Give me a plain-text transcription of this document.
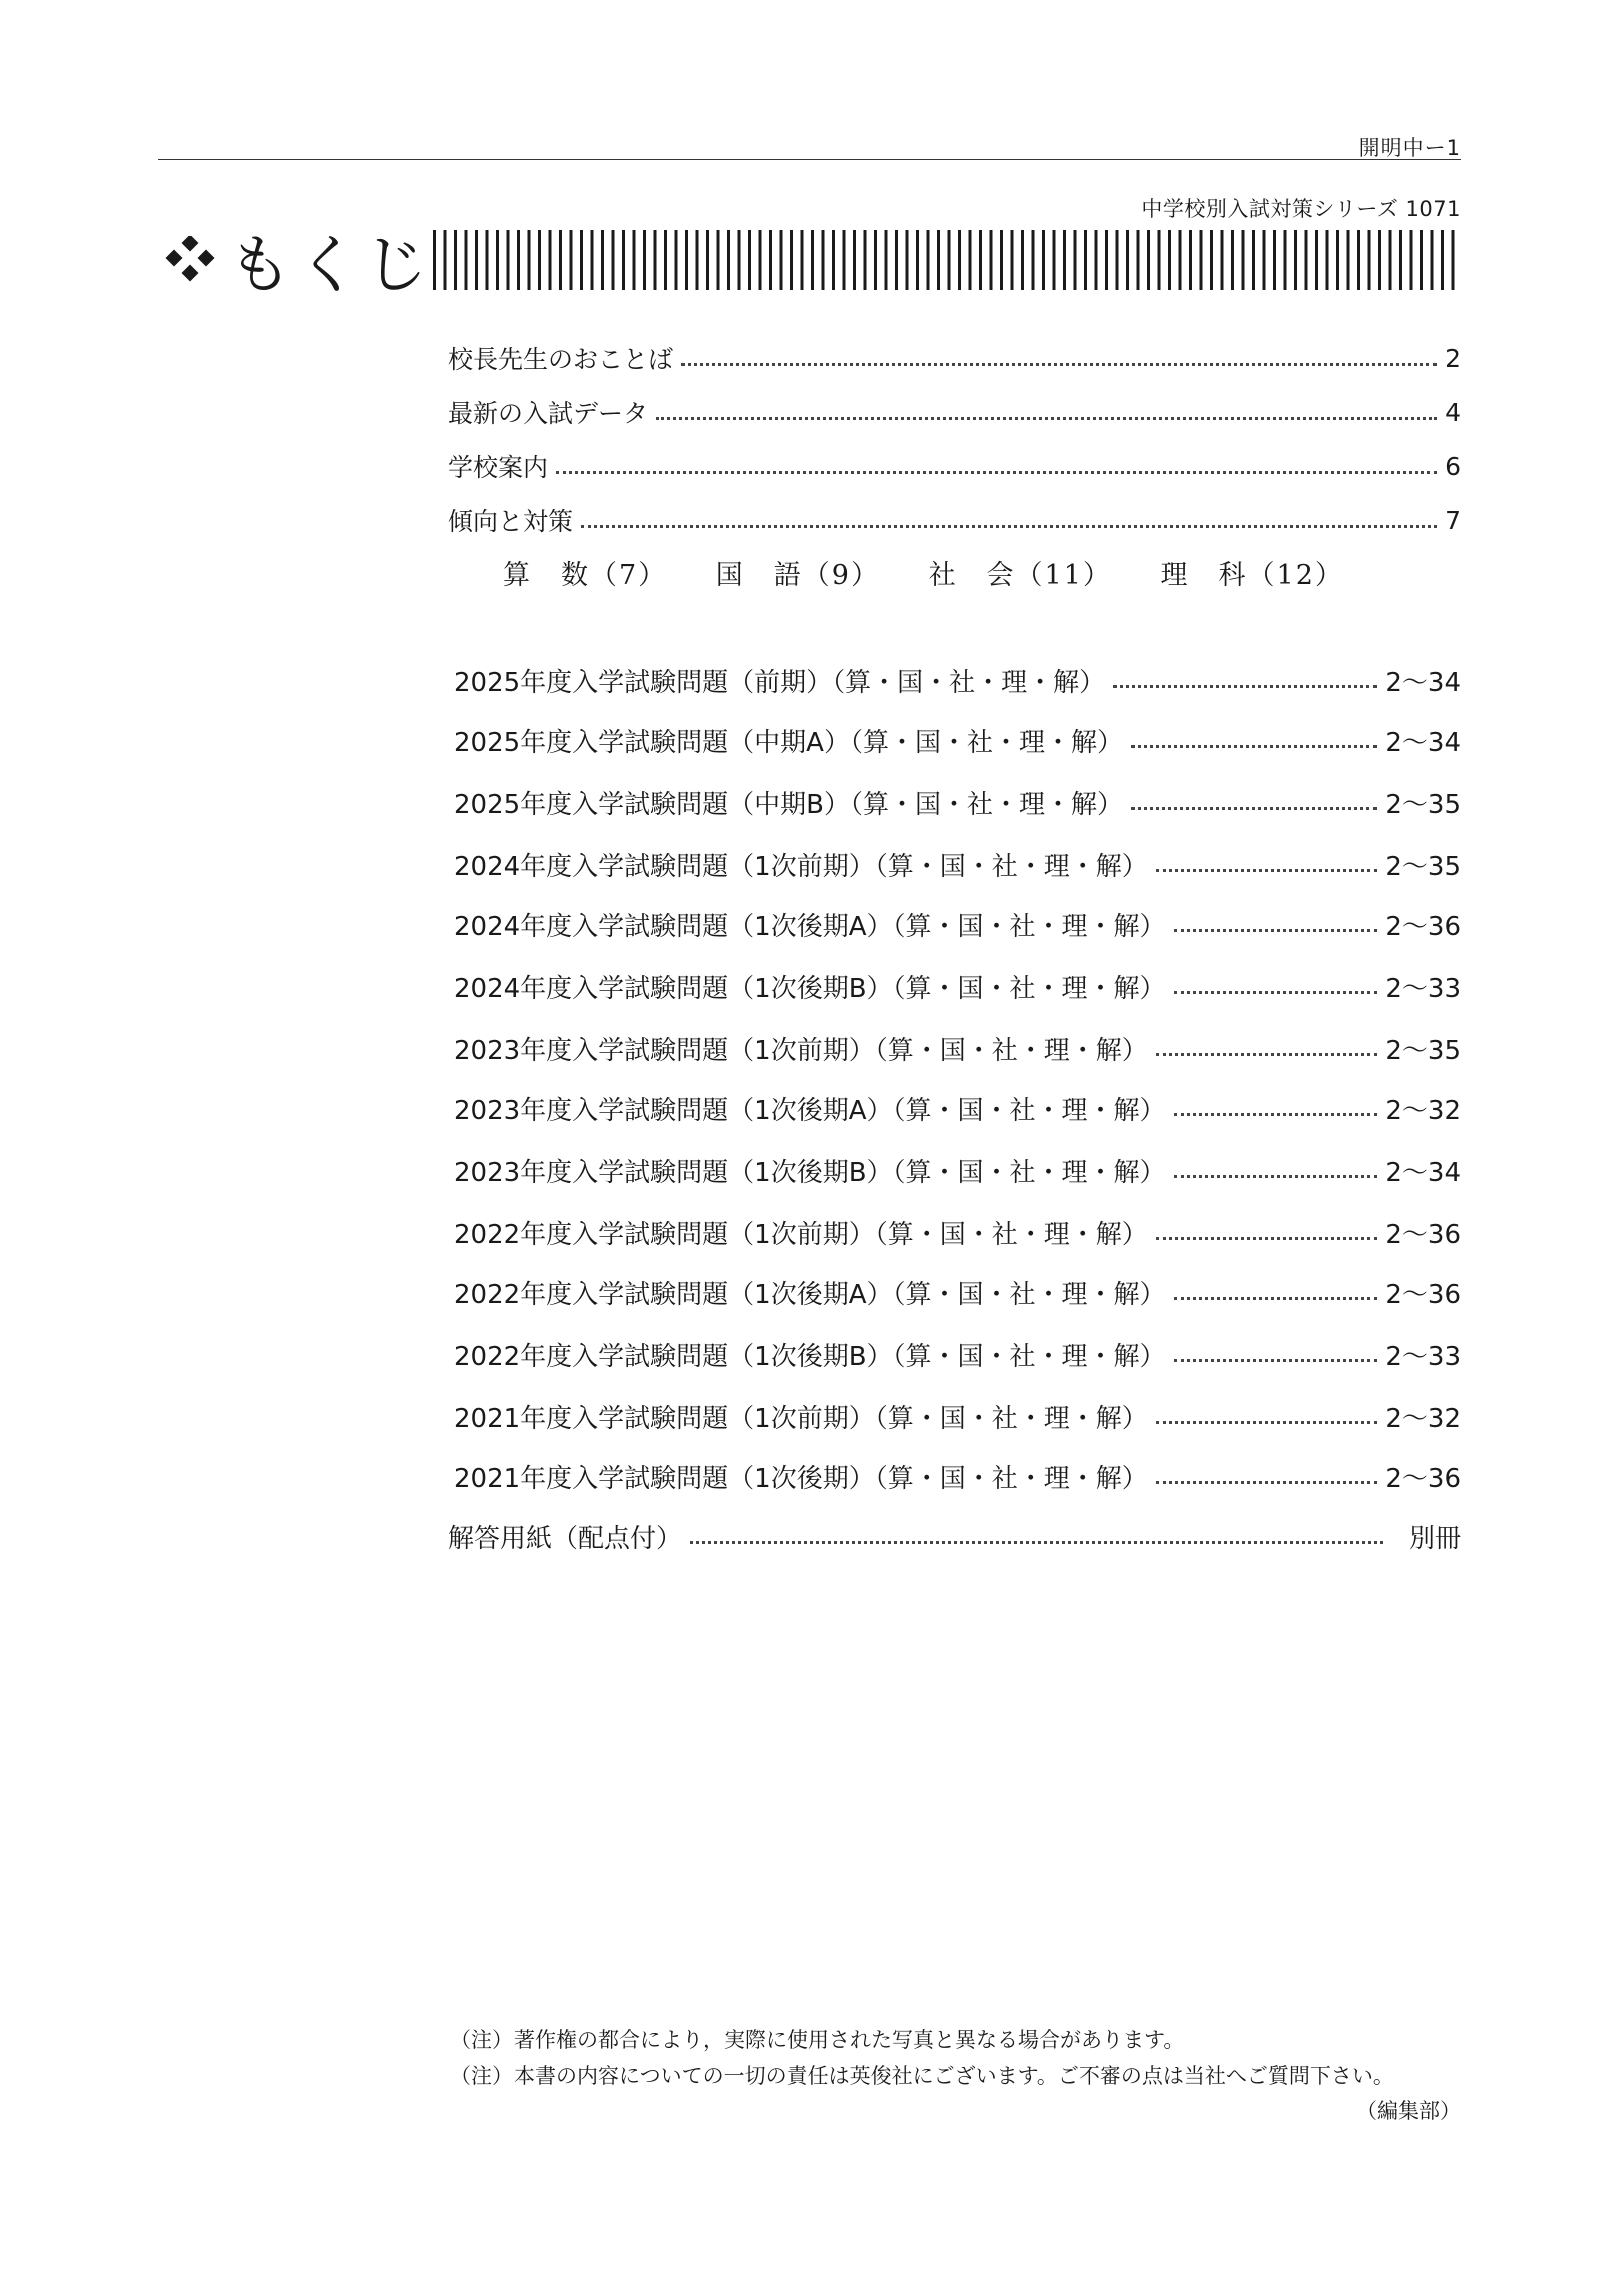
開明中ー1
中学校別入試対策シリーズ 1071
もくじ
校長先生のおことば	2
最新の入試データ	4
学校案内	6
傾向と対策	7
算　数（7） 国　語（9） 社　会（11） 理　科（12）
2025年度入学試験問題（前期）（算・国・社・理・解）	2〜34
2025年度入学試験問題（中期A）（算・国・社・理・解）	2〜34
2025年度入学試験問題（中期B）（算・国・社・理・解）	2〜35
2024年度入学試験問題（1次前期）（算・国・社・理・解）	2〜35
2024年度入学試験問題（1次後期A）（算・国・社・理・解）	2〜36
2024年度入学試験問題（1次後期B）（算・国・社・理・解）	2〜33
2023年度入学試験問題（1次前期）（算・国・社・理・解）	2〜35
2023年度入学試験問題（1次後期A）（算・国・社・理・解）	2〜32
2023年度入学試験問題（1次後期B）（算・国・社・理・解）	2〜34
2022年度入学試験問題（1次前期）（算・国・社・理・解）	2〜36
2022年度入学試験問題（1次後期A）（算・国・社・理・解）	2〜36
2022年度入学試験問題（1次後期B）（算・国・社・理・解）	2〜33
2021年度入学試験問題（1次前期）（算・国・社・理・解）	2〜32
2021年度入学試験問題（1次後期）（算・国・社・理・解）	2〜36
解答用紙（配点付）	別冊
（注） 著作権の都合により，実際に使用された写真と異なる場合があります。
（注） 本書の内容についての一切の責任は英俊社にございます。ご不審の点は当社へご質問下さい。
（編集部）
